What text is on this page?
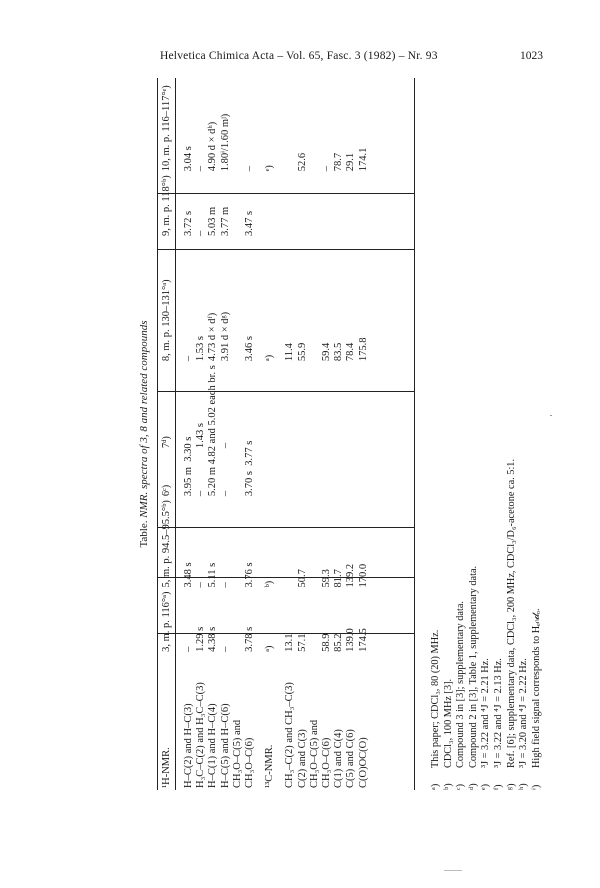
Helvetica Chimica Acta – Vol. 65, Fasc. 3 (1982) – Nr. 93	1023
Table. NMR. spectra of 3, 8 and related compounds
¹H-NMR.	3, m. p. 116°ᵃ)	5, m. p. 94.5–95.5°ᵇ)	6ᶜ)	7ᵈ)	8, m. p. 130–131°ᵃ)	9, m. p. 118°ᵇ)	10, m. p. 116–117°ᵉ)

H–C(2) and H–C(3)	–	3.48 s	3.95 m  3.30 s		–	3.72 s	3.04 s
H₃C–C(2) and H₃C–C(3)	1.29 s	–	–	1.43 s	1.53 s	–	–
H–C(1) and H–C(4)	4.38 s	5.11 s	5.20 m 4.82 and 5.02 each br. s		4.73 d × dᶠ)	5.03 m	4.90 d × dʰ)
H–C(5) and H–C(6)	–	–	–	–	3.91 d × dᵍ)	3.77 m	1.80ⁱ/1.60 mʲ)
CH₃O–C(5) and							
CH₃O–C(6)	3.78 s	3.76 s	3.70 s  3.77 s		3.46 s	3.47 s	–

¹³C-NMR.	ᵃ)	ᵇ)			ᵃ)		ᵉ)

CH₃–C(2) and CH₃–C(3)	13.1				11.4		
C(2) and C(3)	57.1	50.7			55.9		52.6
CH₃O–C(5) and							
CH₃O–C(6)	58.9	59.3			59.4		–
C(1) and C(4)	85.2	81.7			83.5		78.7
C(5) and C(6)	139.0	139.2			78.4		29.1
C(O)OC(O)	174.5	170.0			175.8		174.1
ᵃ)
This paper; CDCl₃, 80 (20) MHz.
ᵇ)
CDCl₃, 100 MHz [3].
ᶜ)
Compound 3 in [3]; supplementary data.
ᵈ)
Compound 2 in [3], Table 1, supplementary data.
ᵉ)
³J = 3.22 and ⁴J = 2.21 Hz.
ᶠ)
³J = 3.22 and ⁴J = 2.13 Hz.
ᵍ)
Ref. [6]; supplementary data, CDCl₃, 200 MHz, CDCl₃/D₆-acetone ca. 5:1.
ʰ)
³J = 3.20 and ⁴J = 2.22 Hz.
ⁱ)
High field signal corresponds to Hₑₙ𝒹ₒ.
